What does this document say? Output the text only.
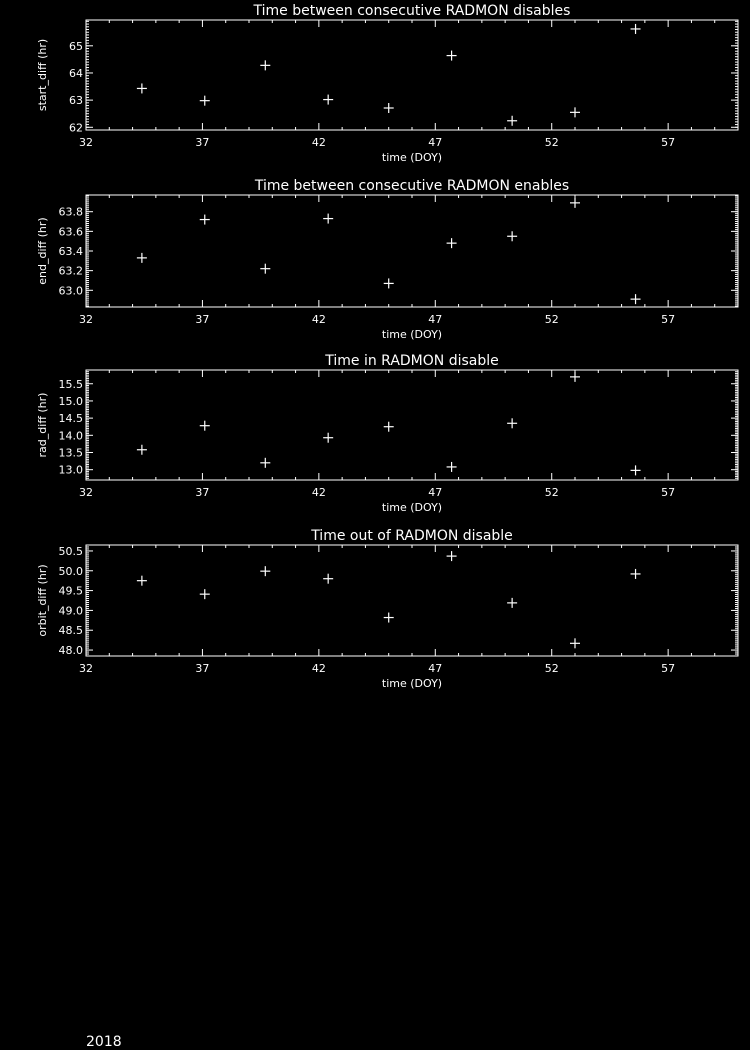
32	37	42	47	52	57
62
63
64
65
Time between consecutive RADMON disables
time (DOY)
start_diff (hr)
32	37	42	47	52	57
63.0
63.2
63.4
63.6
63.8
Time between consecutive RADMON enables
time (DOY)
end_diff (hr)
32	37	42	47	52	57
13.0
13.5
14.0
14.5
15.0
15.5
Time in RADMON disable
time (DOY)
rad_diff (hr)
32	37	42	47	52	57
48.0
48.5
49.0
49.5
50.0
50.5
Time out of RADMON disable
time (DOY)
orbit_diff (hr)
2018
